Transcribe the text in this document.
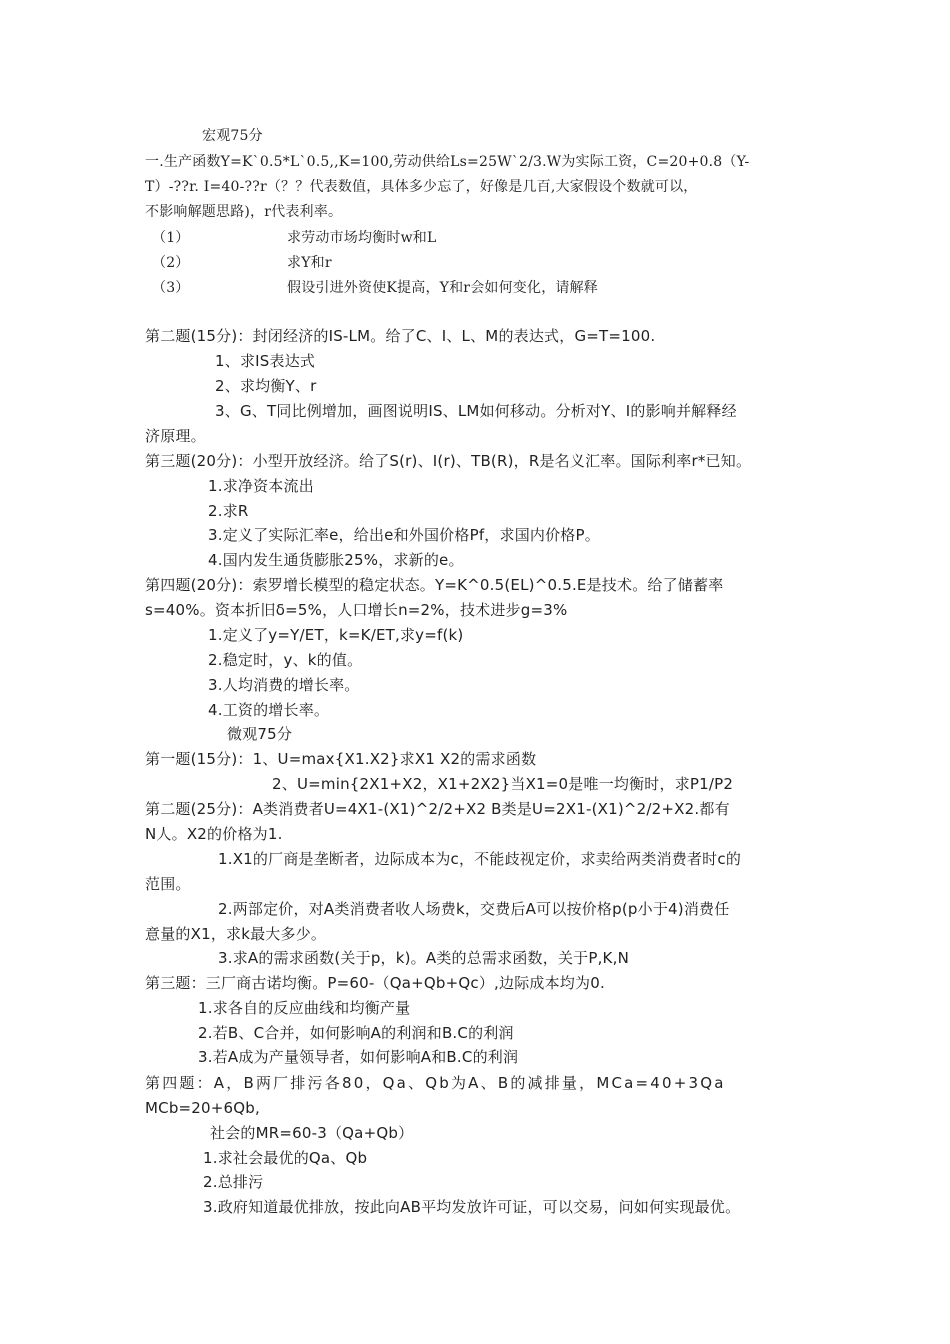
宏观75分
一.生产函数Y=K`0.5*L`0.5,,K=100,劳动供给Ls=25W`2/3.W为实际工资，C=20+0.8（Y-
T）-??r. I=40-??r（？？代表数值，具体多少忘了，好像是几百,大家假设个数就可以，
不影响解题思路)，r代表利率。
（1）	求劳动市场均衡时w和L
（2）	求Y和r
（3）	假设引进外资使K提高，Y和r会如何变化，请解释
第二题(15分)：封闭经济的IS-LM。给了C、I、L、M的表达式，G=T=100.
1、求IS表达式
2、求均衡Y、r
3、G、T同比例增加，画图说明IS、LM如何移动。分析对Y、I的影响并解释经
济原理。
第三题(20分)：小型开放经济。给了S(r)、I(r)、TB(R)，R是名义汇率。国际利率r*已知。
1.求净资本流出
2.求R
3.定义了实际汇率e，给出e和外国价格Pf，求国内价格P。
4.国内发生通货膨胀25%，求新的e。
第四题(20分)：索罗增长模型的稳定状态。Y=K^0.5(EL)^0.5.E是技术。给了储蓄率
s=40%。资本折旧δ=5%，人口增长n=2%，技术进步g=3%
1.定义了y=Y/ET，k=K/ET,求y=f(k)
2.稳定时，y、k的值。
3.人均消费的增长率。
4.工资的增长率。
微观75分
第一题(15分)：1、U=max{X1.X2}求X1 X2的需求函数
2、U=min{2X1+X2，X1+2X2}当X1=0是唯一均衡时，求P1/P2
第二题(25分)：A类消费者U=4X1-(X1)^2/2+X2 B类是U=2X1-(X1)^2/2+X2.都有
N人。X2的价格为1.
1.X1的厂商是垄断者，边际成本为c，不能歧视定价，求卖给两类消费者时c的
范围。
2.两部定价，对A类消费者收人场费k，交费后A可以按价格p(p小于4)消费任
意量的X1，求k最大多少。
3.求A的需求函数(关于p，k)。A类的总需求函数，关于P,K,N
第三题：三厂商古诺均衡。P=60-（Qa+Qb+Qc）,边际成本均为0.
1.求各自的反应曲线和均衡产量
2.若B、C合并，如何影响A的利润和B.C的利润
3.若A成为产量领导者，如何影响A和B.C的利润
第四题：A，B两厂排污各80，Qa、Qb为A、B的减排量，MCa=40+3Qa
MCb=20+6Qb,
社会的MR=60-3（Qa+Qb）
1.求社会最优的Qa、Qb
2.总排污
3.政府知道最优排放，按此向AB平均发放许可证，可以交易，问如何实现最优。
